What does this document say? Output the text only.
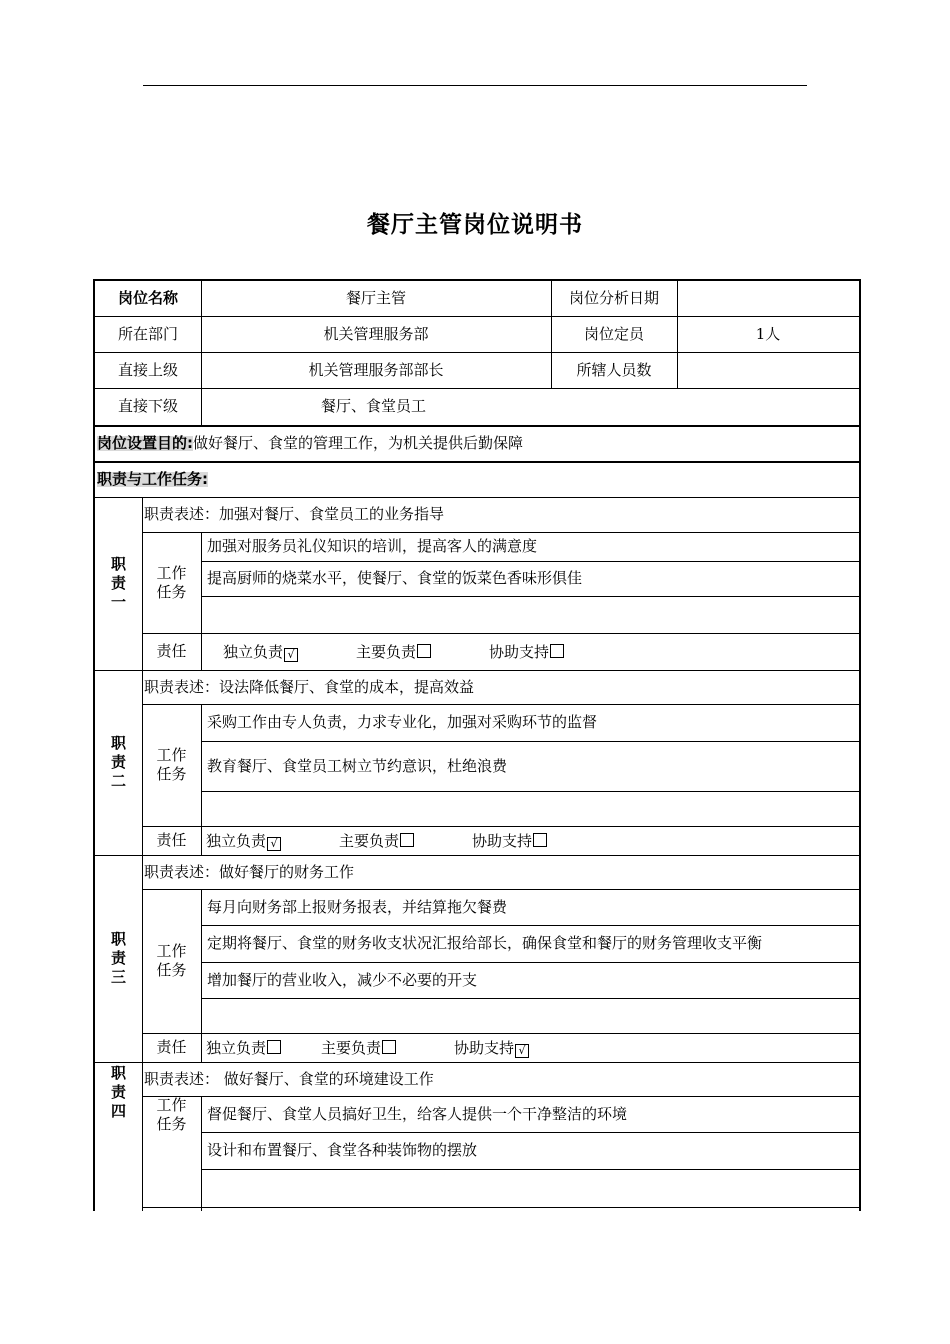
餐厅主管岗位说明书
岗位名称	餐厅主管	岗位分析日期
所在部门	机关管理服务部	岗位定员	1人
直接上级	机关管理服务部部长	所辖人员数
直接下级	餐厅、食堂员工
岗位设置目的: 做好餐厅、食堂的管理工作，为机关提供后勤保障
职责与工作任务:
职
责
一
职责表述：加强对餐厅、食堂员工的业务指导
工作
任务
加强对服务员礼仪知识的培训，提高客人的满意度
提高厨师的烧菜水平，使餐厅、食堂的饭菜色香味形俱佳
责任	独立负责 √	主要负责	协助支持
职
责
二
职责表述：设法降低餐厅、食堂的成本，提高效益
工作
任务
采购工作由专人负责，力求专业化，加强对采购环节的监督
教育餐厅、食堂员工树立节约意识，杜绝浪费
责任	独立负责 √	主要负责	协助支持
职
责
三
职责表述：做好餐厅的财务工作
工作
任务
每月向财务部上报财务报表，并结算拖欠餐费
定期将餐厅、食堂的财务收支状况汇报给部长，确保食堂和餐厅的财务管理收支平衡
增加餐厅的营业收入，减少不必要的开支
责任	独立负责	主要负责	协助支持 √
职
责
四
职责表述： 做好餐厅、食堂的环境建设工作
工作
任务
督促餐厅、食堂人员搞好卫生，给客人提供一个干净整洁的环境
设计和布置餐厅、食堂各种装饰物的摆放
